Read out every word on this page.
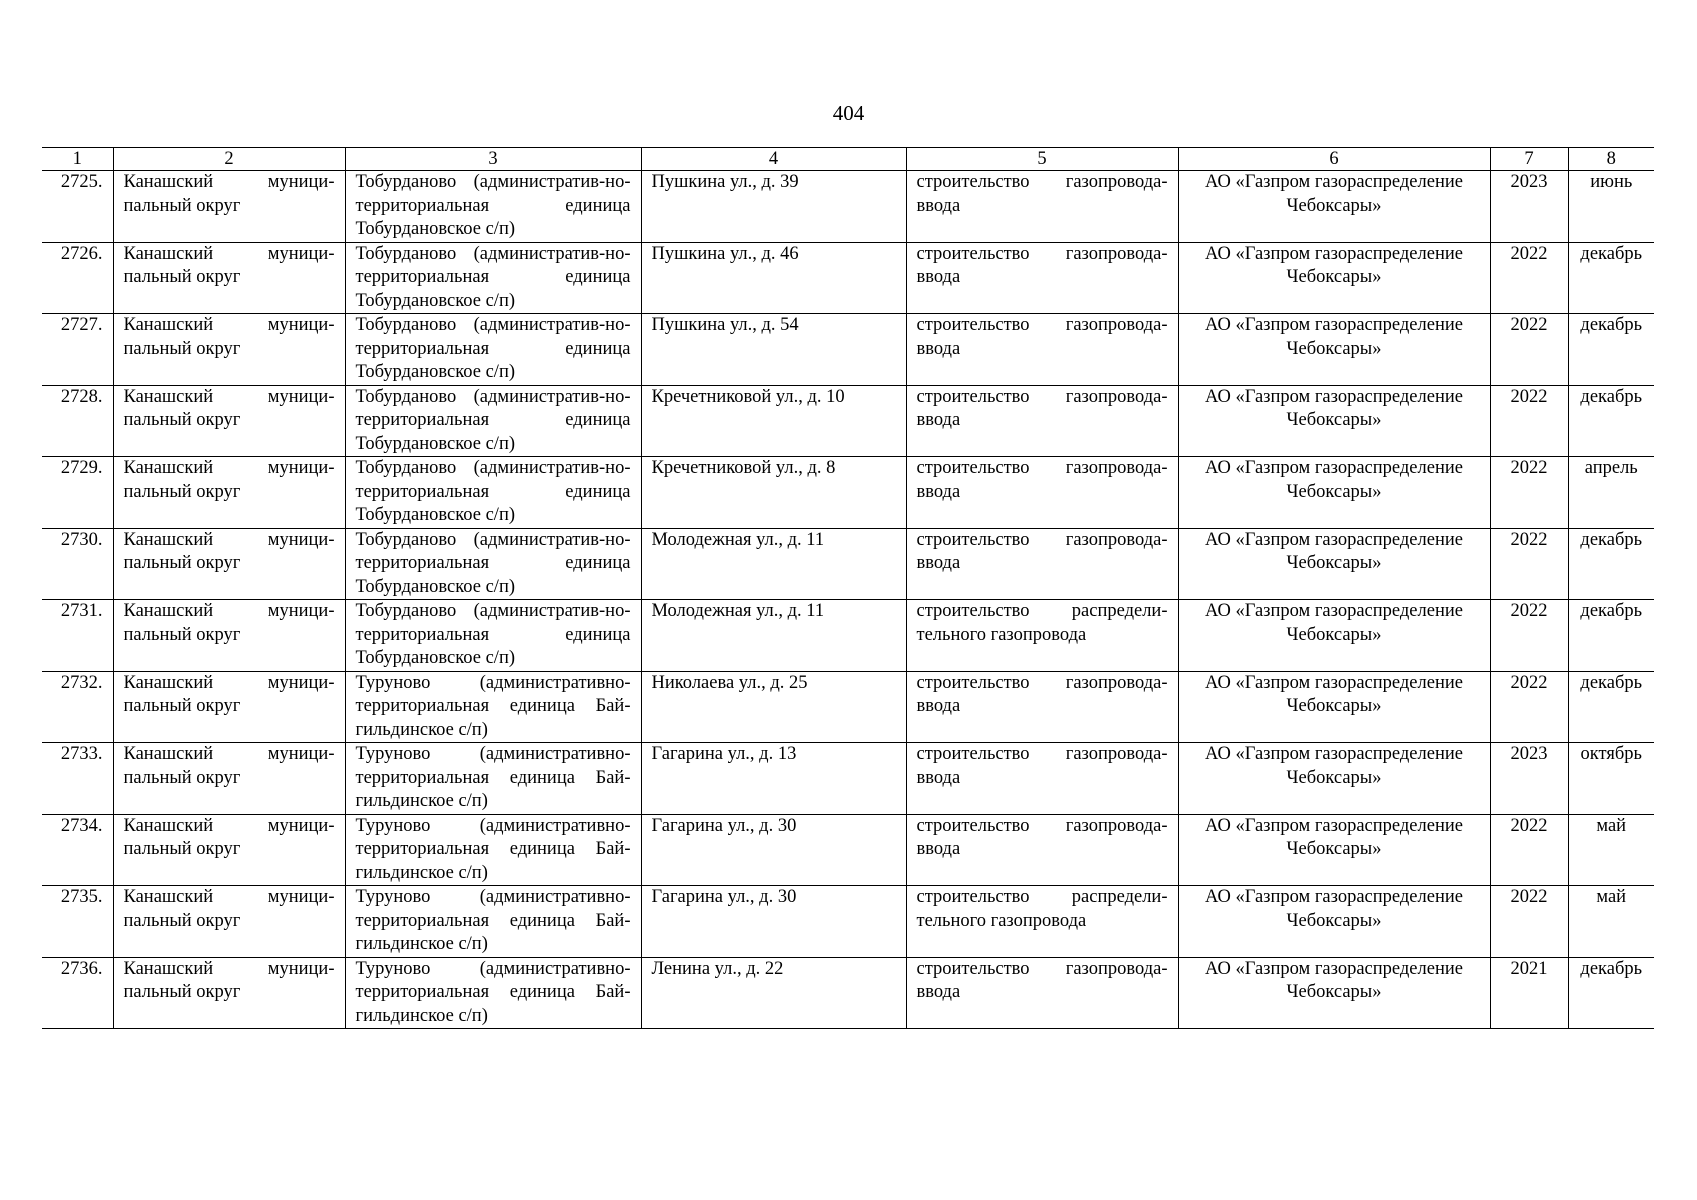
404
1	2	3	4	5	6	7	8
2725.	Канашский муници-пальный округ	Тобурданово (административ-но-территориальная единица Тобурдановское с/п)	Пушкина ул., д. 39	строительство газопровода-ввода	АО «Газпром газораспределение Чебоксары»	2023	июнь
2726.	Канашский муници-пальный округ	Тобурданово (административ-но-территориальная единица Тобурдановское с/п)	Пушкина ул., д. 46	строительство газопровода-ввода	АО «Газпром газораспределение Чебоксары»	2022	декабрь
2727.	Канашский муници-пальный округ	Тобурданово (административ-но-территориальная единица Тобурдановское с/п)	Пушкина ул., д. 54	строительство газопровода-ввода	АО «Газпром газораспределение Чебоксары»	2022	декабрь
2728.	Канашский муници-пальный округ	Тобурданово (административ-но-территориальная единица Тобурдановское с/п)	Кречетниковой ул., д. 10	строительство газопровода-ввода	АО «Газпром газораспределение Чебоксары»	2022	декабрь
2729.	Канашский муници-пальный округ	Тобурданово (административ-но-территориальная единица Тобурдановское с/п)	Кречетниковой ул., д. 8	строительство газопровода-ввода	АО «Газпром газораспределение Чебоксары»	2022	апрель
2730.	Канашский муници-пальный округ	Тобурданово (административ-но-территориальная единица Тобурдановское с/п)	Молодежная ул., д. 11	строительство газопровода-ввода	АО «Газпром газораспределение Чебоксары»	2022	декабрь
2731.	Канашский муници-пальный округ	Тобурданово (административ-но-территориальная единица Тобурдановское с/п)	Молодежная ул., д. 11	строительство распредели-тельного газопровода	АО «Газпром газораспределение Чебоксары»	2022	декабрь
2732.	Канашский муници-пальный округ	Туруново (административно-территориальная единица Бай-гильдинское с/п)	Николаева ул., д. 25	строительство газопровода-ввода	АО «Газпром газораспределение Чебоксары»	2022	декабрь
2733.	Канашский муници-пальный округ	Туруново (административно-территориальная единица Бай-гильдинское с/п)	Гагарина ул., д. 13	строительство газопровода-ввода	АО «Газпром газораспределение Чебоксары»	2023	октябрь
2734.	Канашский муници-пальный округ	Туруново (административно-территориальная единица Бай-гильдинское с/п)	Гагарина ул., д. 30	строительство газопровода-ввода	АО «Газпром газораспределение Чебоксары»	2022	май
2735.	Канашский муници-пальный округ	Туруново (административно-территориальная единица Бай-гильдинское с/п)	Гагарина ул., д. 30	строительство распредели-тельного газопровода	АО «Газпром газораспределение Чебоксары»	2022	май
2736.	Канашский муници-пальный округ	Туруново (административно-территориальная единица Бай-гильдинское с/п)	Ленина ул., д. 22	строительство газопровода-ввода	АО «Газпром газораспределение Чебоксары»	2021	декабрь
